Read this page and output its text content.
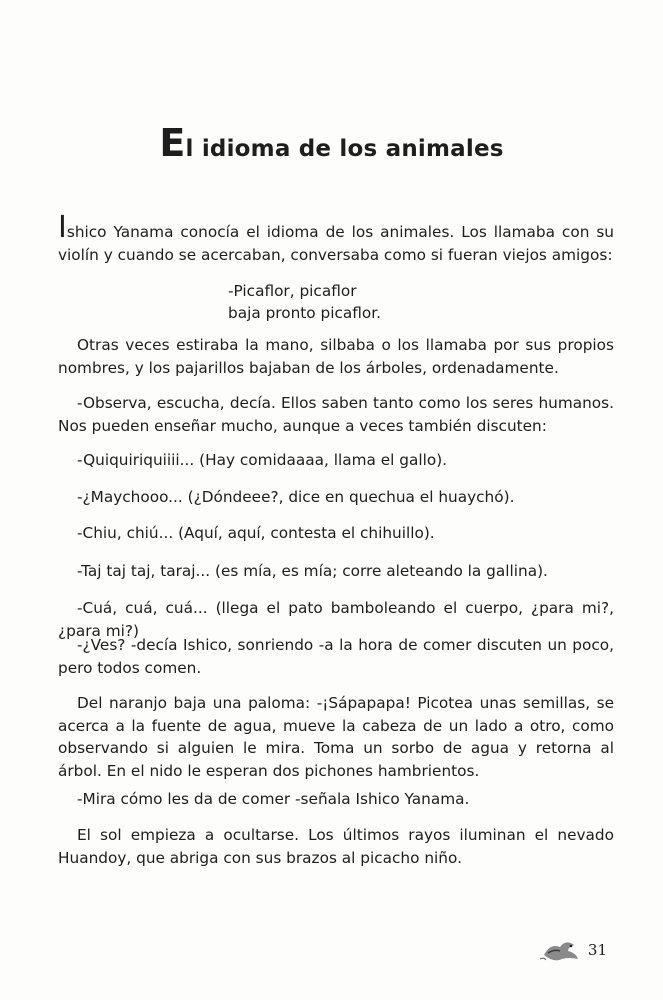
El idioma de los animales
Ishico Yanama conocía el idioma de los animales. Los llamaba con su violín y cuando se acercaban, conversaba como si fueran viejos amigos:
-Picaflor, picaflor
baja pronto picaflor.
Otras veces estiraba la mano, silbaba o los llamaba por sus propios nombres, y los pajarillos bajaban de los árboles, ordenadamente.
-Observa, escucha, decía. Ellos saben tanto como los seres humanos. Nos pueden enseñar mucho, aunque a veces también discuten:
-Quiquiriquiiii... (Hay comidaaaa, llama el gallo).
-¿Maychooo... (¿Dóndeee?, dice en quechua el huaychó).
-Chiu, chiú... (Aquí, aquí, contesta el chihuillo).
-Taj taj taj, taraj... (es mía, es mía; corre aleteando la gallina).
-Cuá, cuá, cuá... (llega el pato bamboleando el cuerpo, ¿para mi?, ¿para mi?)
-¿Ves? -decía Ishico, sonriendo -a la hora de comer discuten un poco, pero todos comen.
Del naranjo baja una paloma: -¡Sápapapa! Picotea unas semillas, se acerca a la fuente de agua, mueve la cabeza de un lado a otro, como observando si alguien le mira. Toma un sorbo de agua y retorna al árbol. En el nido le esperan dos pichones hambrientos.
-Mira cómo les da de comer -señala Ishico Yanama.
El sol empieza a ocultarse. Los últimos rayos iluminan el nevado Huandoy, que abriga con sus brazos al picacho niño.
31
